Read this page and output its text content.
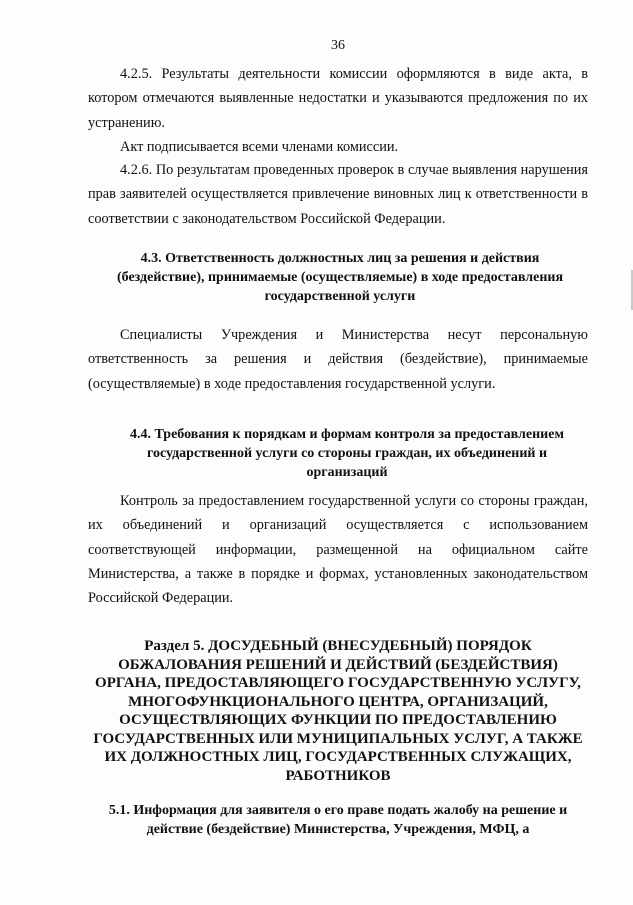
36
4.2.5. Результаты деятельности комиссии оформляются в виде акта, в котором отмечаются выявленные недостатки и указываются предложения по их устранению.
Акт подписывается всеми членами комиссии.
4.2.6. По результатам проведенных проверок в случае выявления нарушения прав заявителей осуществляется привлечение виновных лиц к ответственности в соответствии с законодательством Российской Федерации.
4.3. Ответственность должностных лиц за решения и действия (бездействие), принимаемые (осуществляемые) в ходе предоставления государственной услуги
Специалисты Учреждения и Министерства несут персональную ответственность за решения и действия (бездействие), принимаемые (осуществляемые) в ходе предоставления государственной услуги.
4.4. Требования к порядкам и формам контроля за предоставлением государственной услуги со стороны граждан, их объединений и организаций
Контроль за предоставлением государственной услуги со стороны граждан, их объединений и организаций осуществляется с использованием соответствующей информации, размещенной на официальном сайте Министерства, а также в порядке и формах, установленных законодательством Российской Федерации.
Раздел 5. ДОСУДЕБНЫЙ (ВНЕСУДЕБНЫЙ) ПОРЯДОК ОБЖАЛОВАНИЯ РЕШЕНИЙ И ДЕЙСТВИЙ (БЕЗДЕЙСТВИЯ) ОРГАНА, ПРЕДОСТАВЛЯЮЩЕГО ГОСУДАРСТВЕННУЮ УСЛУГУ, МНОГОФУНКЦИОНАЛЬНОГО ЦЕНТРА, ОРГАНИЗАЦИЙ, ОСУЩЕСТВЛЯЮЩИХ ФУНКЦИИ ПО ПРЕДОСТАВЛЕНИЮ ГОСУДАРСТВЕННЫХ ИЛИ МУНИЦИПАЛЬНЫХ УСЛУГ, А ТАКЖЕ ИХ ДОЛЖНОСТНЫХ ЛИЦ, ГОСУДАРСТВЕННЫХ СЛУЖАЩИХ, РАБОТНИКОВ
5.1. Информация для заявителя о его праве подать жалобу на решение и действие (бездействие) Министерства, Учреждения, МФЦ, а
